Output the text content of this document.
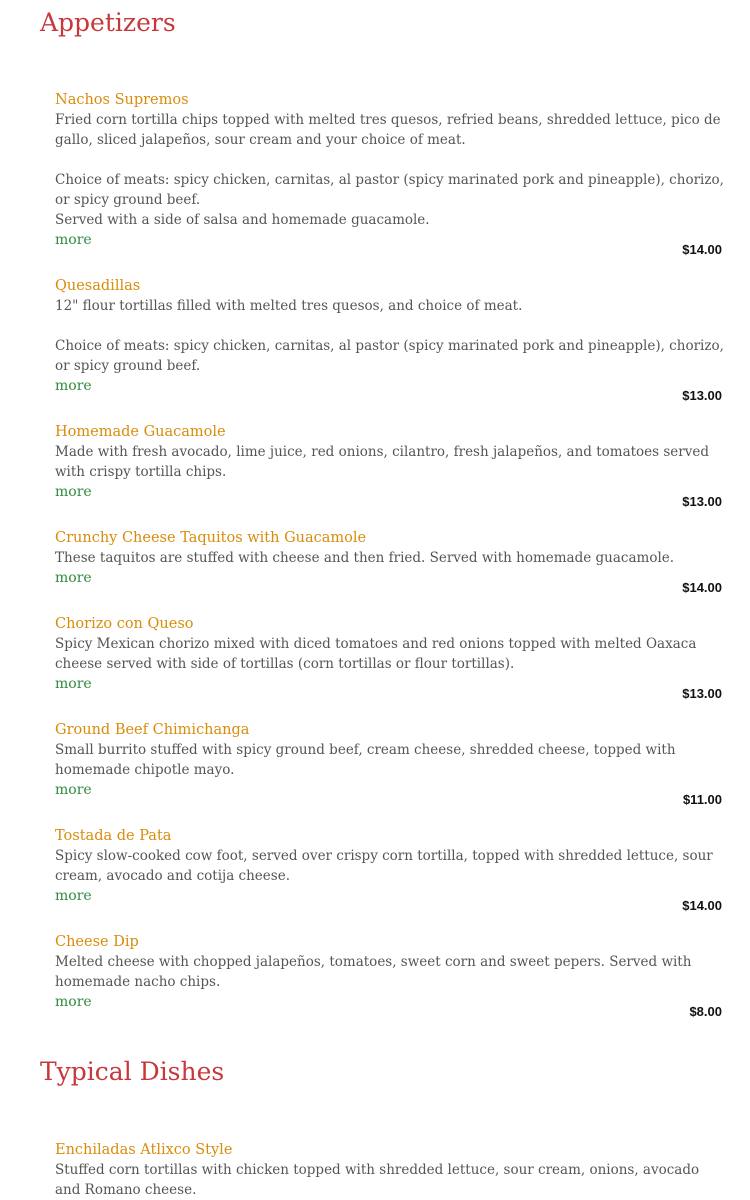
Appetizers
Nachos Supremos
Fried corn tortilla chips topped with melted tres quesos, refried beans, shredded lettuce, pico de gallo, sliced jalapeños, sour cream and your choice of meat.

Choice of meats: spicy chicken, carnitas, al pastor (spicy marinated pork and pineapple), chorizo, or spicy ground beef.
Served with a side of salsa and homemade guacamole.
more
$14.00
Quesadillas
12" flour tortillas filled with melted tres quesos, and choice of meat.

Choice of meats: spicy chicken, carnitas, al pastor (spicy marinated pork and pineapple), chorizo, or spicy ground beef.
more
$13.00
Homemade Guacamole
Made with fresh avocado, lime juice, red onions, cilantro, fresh jalapeños, and tomatoes served with crispy tortilla chips.
more
$13.00
Crunchy Cheese Taquitos with Guacamole
These taquitos are stuffed with cheese and then fried. Served with homemade guacamole.
more
$14.00
Chorizo con Queso
Spicy Mexican chorizo mixed with diced tomatoes and red onions topped with melted Oaxaca cheese served with side of tortillas (corn tortillas or flour tortillas).
more
$13.00
Ground Beef Chimichanga
Small burrito stuffed with spicy ground beef, cream cheese, shredded cheese, topped with homemade chipotle mayo.
more
$11.00
Tostada de Pata
Spicy slow-cooked cow foot, served over crispy corn tortilla, topped with shredded lettuce, sour cream, avocado and cotija cheese.
more
$14.00
Cheese Dip
Melted cheese with chopped jalapeños, tomatoes, sweet corn and sweet pepers. Served with homemade nacho chips.
more
$8.00
Typical Dishes
Enchiladas Atlixco Style
Stuffed corn tortillas with chicken topped with shredded lettuce, sour cream, onions, avocado and Romano cheese.
